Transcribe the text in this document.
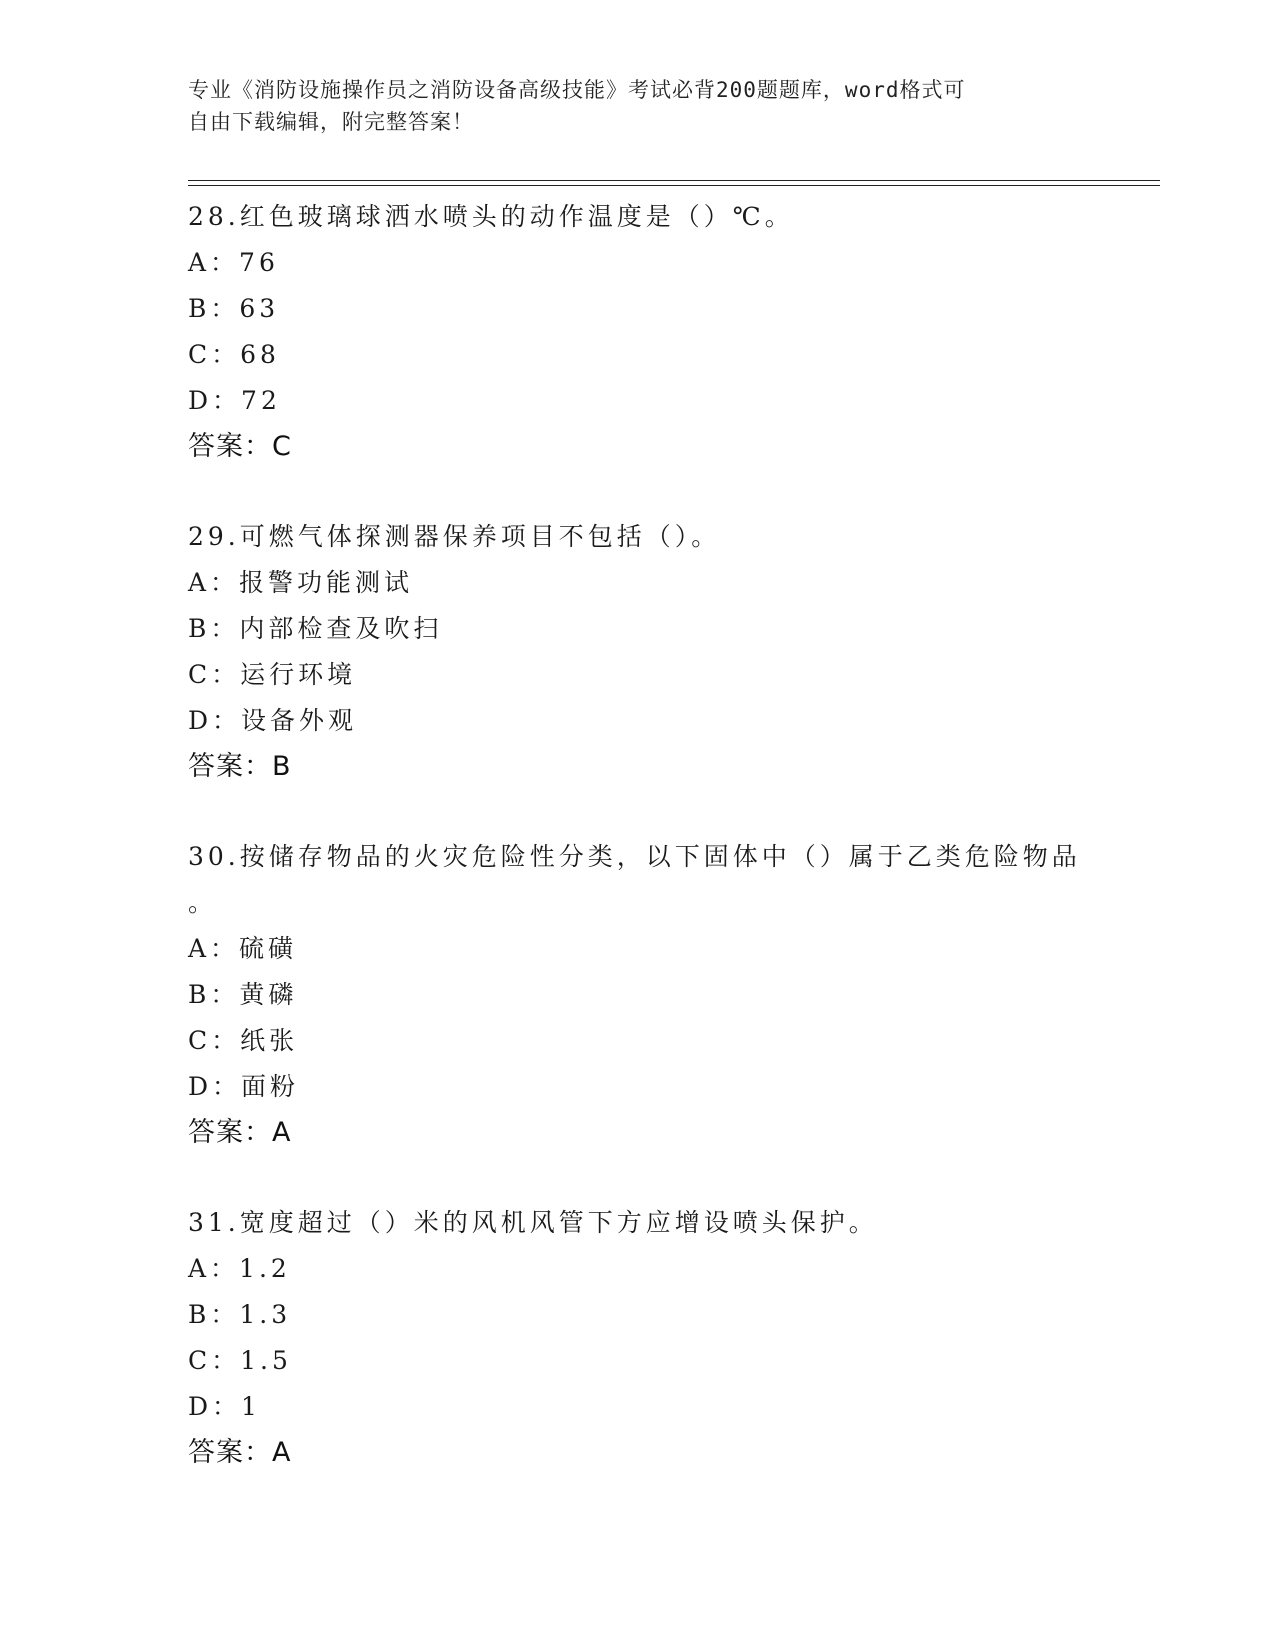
专业《消防设施操作员之消防设备高级技能》考试必背200题题库，word格式可
自由下载编辑，附完整答案！
28.红色玻璃球洒水喷头的动作温度是（）℃。
A：76
B：63
C：68
D：72
答案：C
29.可燃气体探测器保养项目不包括（）。
A：报警功能测试
B：内部检查及吹扫
C：运行环境
D：设备外观
答案：B
30.按储存物品的火灾危险性分类，以下固体中（）属于乙类危险物品
。
A：硫磺
B：黄磷
C：纸张
D：面粉
答案：A
31.宽度超过（）米的风机风管下方应增设喷头保护。
A：1.2
B：1.3
C：1.5
D：1
答案：A
